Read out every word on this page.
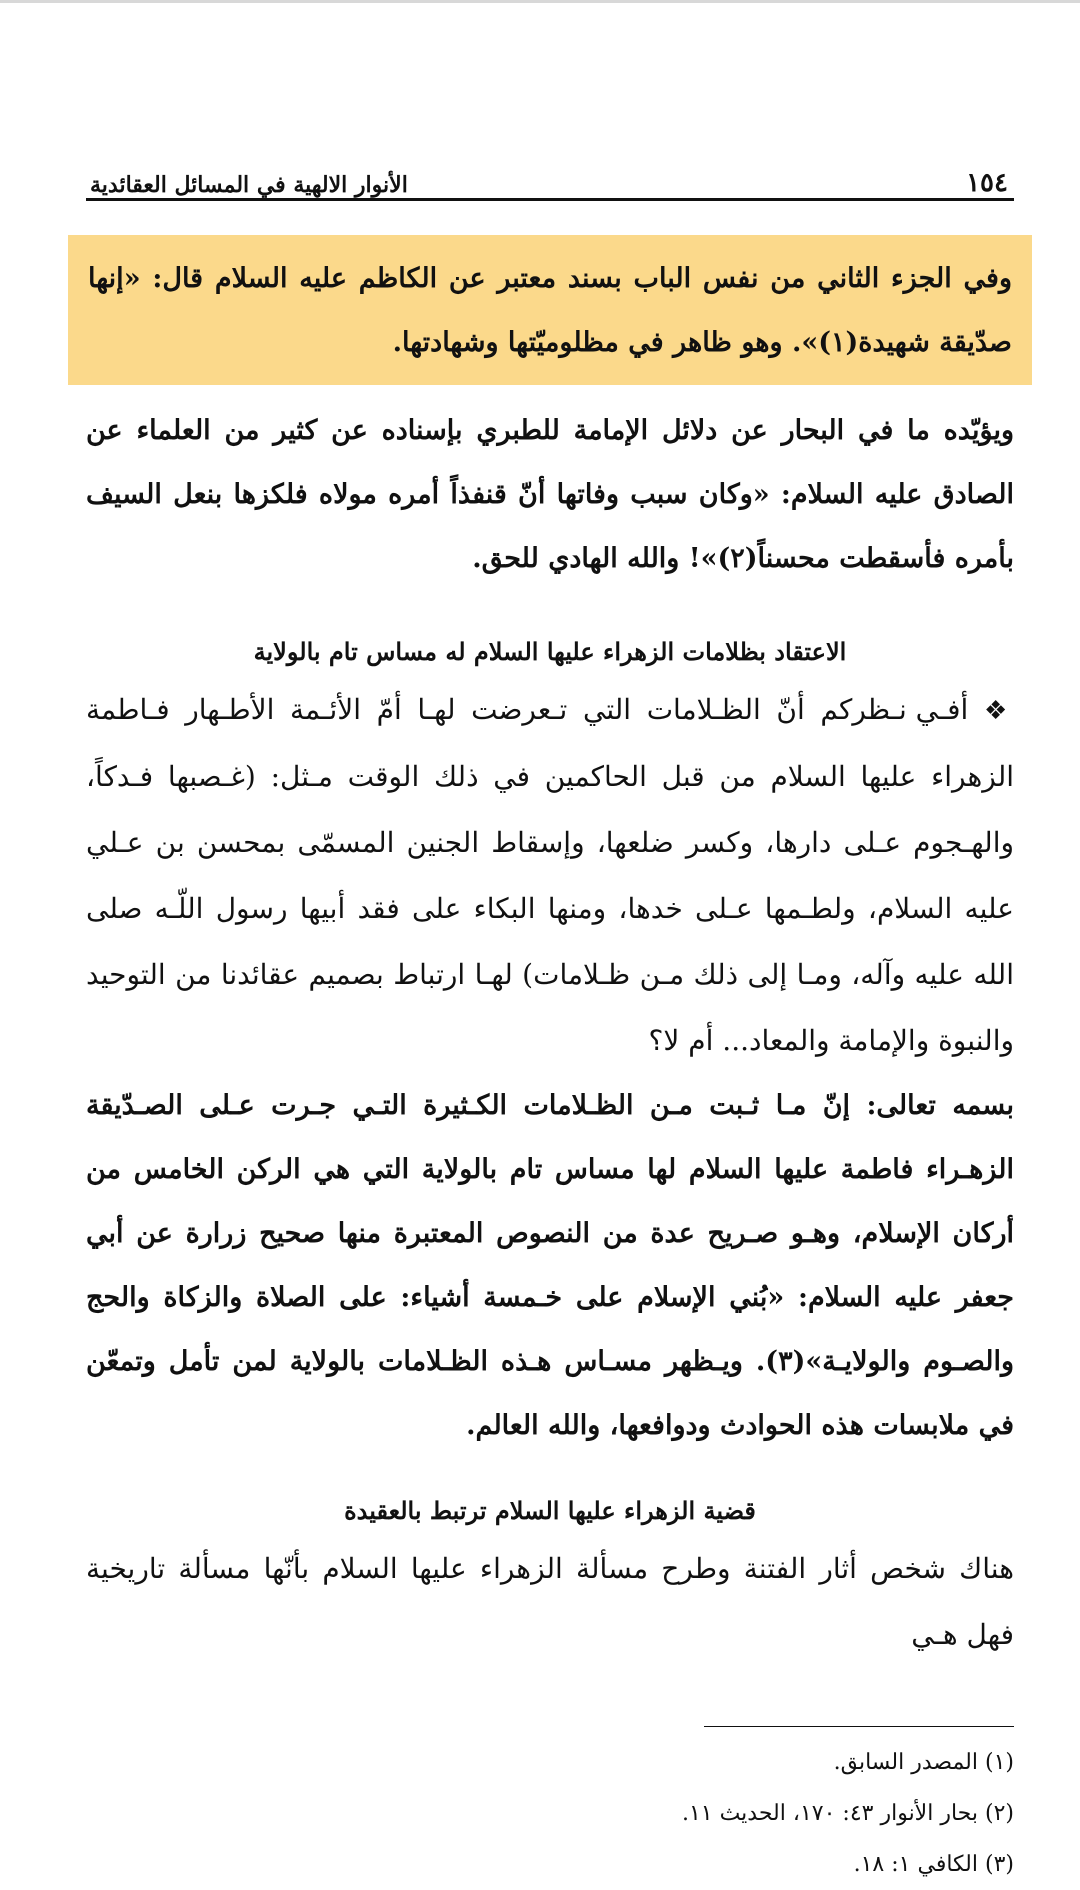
١٥٤
الأنوار الالهية في المسائل العقائدية

وفي الجزء الثاني من نفس الباب بسند معتبر عن الكاظم عليه السلام قال: «إنها صدّيقة شهيدة(١)». وهو ظاهر في مظلوميّتها وشهادتها.

ويؤيّده ما في البحار عن دلائل الإمامة للطبري بإسناده عن كثير من العلماء عن الصادق عليه السلام: «وكان سبب وفاتها أنّ قنفذاً أمره مولاه فلكزها بنعل السيف بأمره فأسقطت محسناً(٢)»! والله الهادي للحق.

الاعتقاد بظلامات الزهراء عليها السلام له مساس تام بالولاية

❖ أفـي نـظركم أنّ الظـلامات التي تـعرضت لهـا أمّ الأئـمة الأطـهار فـاطمة الزهراء عليها السلام من قبل الحاكمين في ذلك الوقت مـثل: (غـصبها فـدكاً، والهـجوم عـلى دارها، وكسر ضلعها، وإسقاط الجنين المسمّى بمحسن بن عـلي عليه السلام، ولطـمها عـلى خدها، ومنها البكاء على فقد أبيها رسول اللّـه صلى الله عليه وآله، ومـا إلى ذلك مـن ظـلامات) لهـا ارتباط بصميم عقائدنا من التوحيد والنبوة والإمامة والمعاد... أم لا؟

بسمه تعالى: إنّ مـا ثـبت مـن الظـلامات الكـثيرة التـي جـرت عـلى الصـدّيقة الزهـراء فاطمة عليها السلام لها مساس تام بالولاية التي هي الركن الخامس من أركان الإسلام، وهـو صـريح عدة من النصوص المعتبرة منها صحيح زرارة عن أبي جعفر عليه السلام: «بُني الإسلام على خـمسة أشياء: على الصلاة والزكاة والحج والصـوم والولايـة»(٣). ويـظهر مسـاس هـذه الظـلامات بالولاية لمن تأمل وتمعّن في ملابسات هذه الحوادث ودوافعها، والله العالم.

قضية الزهراء عليها السلام ترتبط بالعقيدة

هناك شخص أثار الفتنة وطرح مسألة الزهراء عليها السلام بأنّها مسألة تاريخية فهل هـي

(١) المصدر السابق.
(٢) بحار الأنوار ٤٣: ١٧٠، الحديث ١١.
(٣) الكافي ١: ١٨.
